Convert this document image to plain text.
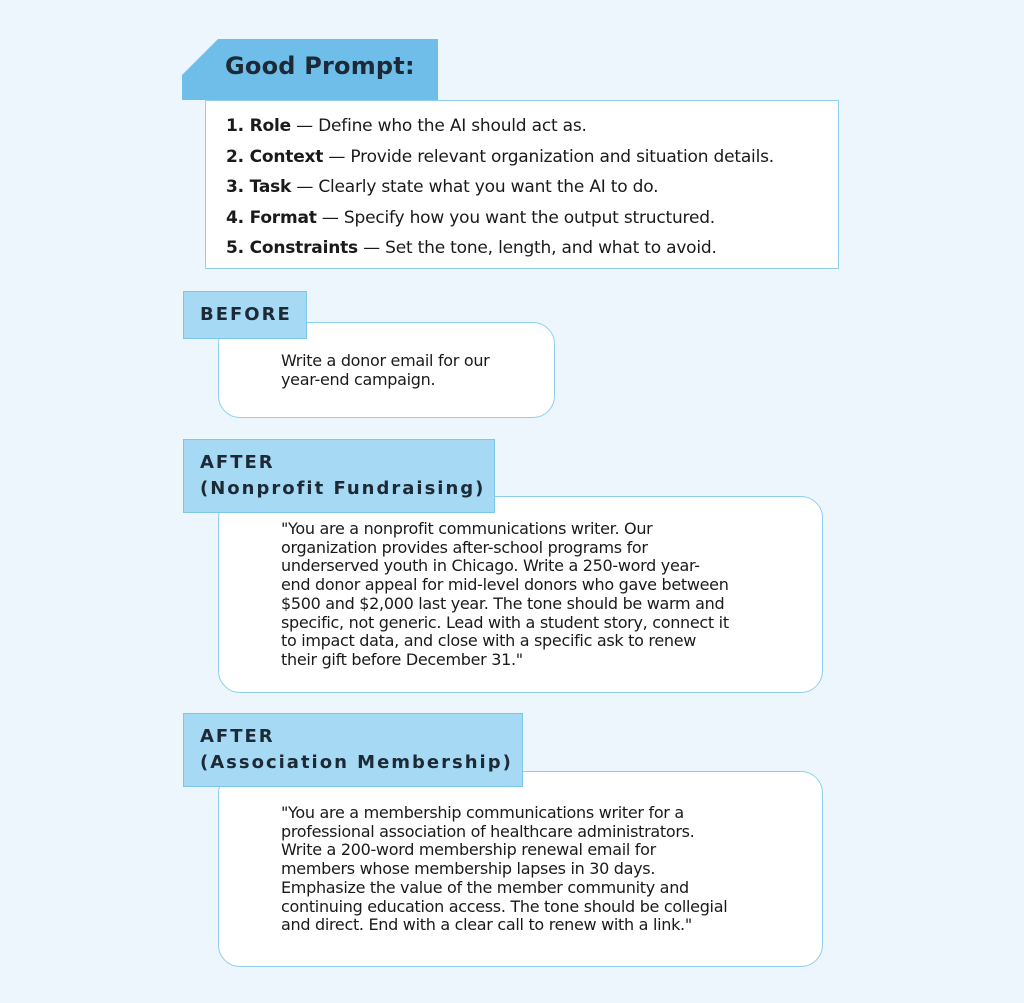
Good Prompt:
1. Role — Define who the AI should act as.
2. Context — Provide relevant organization and situation details.
3. Task — Clearly state what you want the AI to do.
4. Format — Specify how you want the output structured.
5. Constraints — Set the tone, length, and what to avoid.
BEFORE
Write a donor email for our
year-end campaign.
AFTER
(Nonprofit Fundraising)
"You are a nonprofit communications writer. Our
organization provides after-school programs for
underserved youth in Chicago. Write a 250-word year-
end donor appeal for mid-level donors who gave between
$500 and $2,000 last year. The tone should be warm and
specific, not generic. Lead with a student story, connect it
to impact data, and close with a specific ask to renew
their gift before December 31."
AFTER
(Association Membership)
"You are a membership communications writer for a
professional association of healthcare administrators.
Write a 200-word membership renewal email for
members whose membership lapses in 30 days.
Emphasize the value of the member community and
continuing education access. The tone should be collegial
and direct. End with a clear call to renew with a link."
